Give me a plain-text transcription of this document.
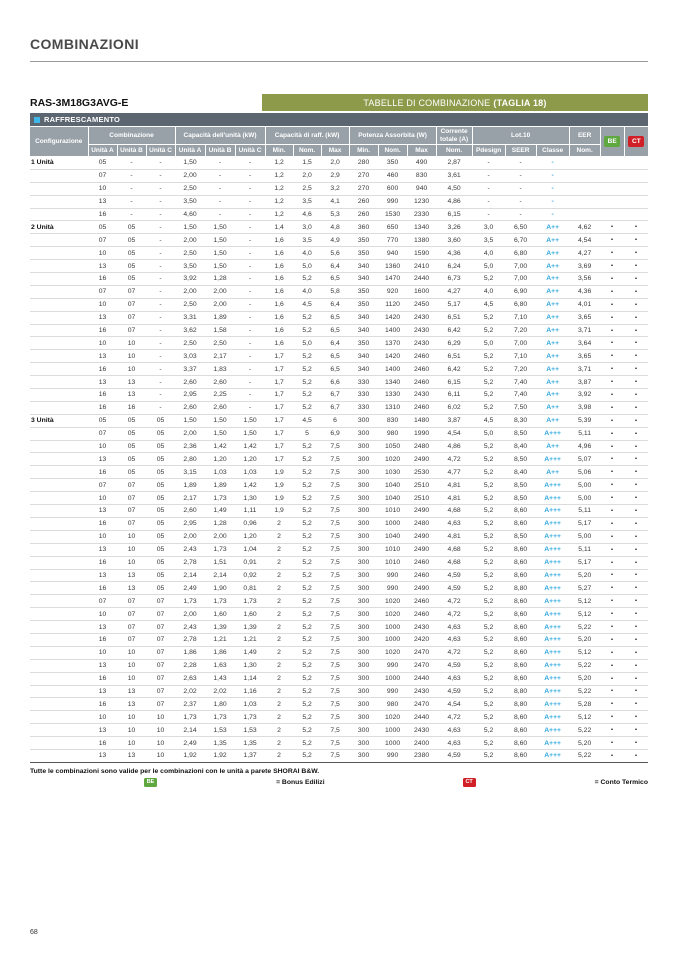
COMBINAZIONI
RAS-3M18G3AVG-E	TABELLE DI COMBINAZIONE (TAGLIA 18)
RAFFRESCAMENTO
Configurazione	Combinazione			Capacità dell'unità (kW)			Capacità di raff. (kW)			Potenza Assorbita (W)			Corrente totale (A)	Lot.10			EER	BE	CT
	Unità A	Unità B	Unità C	Unità A	Unità B	Unità C	Min.	Nom.	Max	Min.	Nom.	Max	Nom.	Pdesign	SEER	Classe	Nom.		
1 Unità	05	-	-	1,50	-	-	1,2	1,5	2,0	280	350	490	2,87	-	-	-			
	07	-	-	2,00	-	-	1,2	2,0	2,9	270	460	830	3,61	-	-	-			
	10	-	-	2,50	-	-	1,2	2,5	3,2	270	600	940	4,50	-	-	-			
	13	-	-	3,50	-	-	1,2	3,5	4,1	260	990	1230	4,86	-	-	-			
	16	-	-	4,60	-	-	1,2	4,6	5,3	260	1530	2330	6,15	-	-	-			
2 Unità	05	05	-	1,50	1,50	-	1,4	3,0	4,8	360	650	1340	3,26	3,0	6,50	A++	4,62	▪	▪
	07	05	-	2,00	1,50	-	1,6	3,5	4,9	350	770	1380	3,60	3,5	6,70	A++	4,54	▪	▪
	10	05	-	2,50	1,50	-	1,6	4,0	5,6	350	940	1590	4,36	4,0	6,80	A++	4,27	▪	▪
	13	05	-	3,50	1,50	-	1,6	5,0	6,4	340	1360	2410	6,24	5,0	7,00	A++	3,69	▪	▪
	16	05	-	3,92	1,28	-	1,6	5,2	6,5	340	1470	2440	6,73	5,2	7,00	A++	3,56	▪	▪
	07	07	-	2,00	2,00	-	1,6	4,0	5,8	350	920	1600	4,27	4,0	6,90	A++	4,36	▪	▪
	10	07	-	2,50	2,00	-	1,6	4,5	6,4	350	1120	2450	5,17	4,5	6,80	A++	4,01	▪	▪
	13	07	-	3,31	1,89	-	1,6	5,2	6,5	340	1420	2430	6,51	5,2	7,10	A++	3,65	▪	▪
	16	07	-	3,62	1,58	-	1,6	5,2	6,5	340	1400	2430	6,42	5,2	7,20	A++	3,71	▪	▪
	10	10	-	2,50	2,50	-	1,6	5,0	6,4	350	1370	2430	6,29	5,0	7,00	A++	3,64	▪	▪
	13	10	-	3,03	2,17	-	1,7	5,2	6,5	340	1420	2460	6,51	5,2	7,10	A++	3,65	▪	▪
	16	10	-	3,37	1,83	-	1,7	5,2	6,5	340	1400	2460	6,42	5,2	7,20	A++	3,71	▪	▪
	13	13	-	2,60	2,60	-	1,7	5,2	6,6	330	1340	2460	6,15	5,2	7,40	A++	3,87	▪	▪
	16	13	-	2,95	2,25	-	1,7	5,2	6,7	330	1330	2430	6,11	5,2	7,40	A++	3,92	▪	▪
	16	16	-	2,60	2,60	-	1,7	5,2	6,7	330	1310	2460	6,02	5,2	7,50	A++	3,98	▪	▪
3 Unità	05	05	05	1,50	1,50	1,50	1,7	4,5	6	300	830	1480	3,87	4,5	8,30	A++	5,39	▪	▪
	07	05	05	2,00	1,50	1,50	1,7	5	6,9	300	980	1990	4,54	5,0	8,50	A+++	5,11	▪	▪
	10	05	05	2,36	1,42	1,42	1,7	5,2	7,5	300	1050	2480	4,86	5,2	8,40	A++	4,96	▪	▪
	13	05	05	2,80	1,20	1,20	1,7	5,2	7,5	300	1020	2490	4,72	5,2	8,50	A+++	5,07	▪	▪
	16	05	05	3,15	1,03	1,03	1,9	5,2	7,5	300	1030	2530	4,77	5,2	8,40	A++	5,06	▪	▪
	07	07	05	1,89	1,89	1,42	1,9	5,2	7,5	300	1040	2510	4,81	5,2	8,50	A+++	5,00	▪	▪
	10	07	05	2,17	1,73	1,30	1,9	5,2	7,5	300	1040	2510	4,81	5,2	8,50	A+++	5,00	▪	▪
	13	07	05	2,60	1,49	1,11	1,9	5,2	7,5	300	1010	2490	4,68	5,2	8,60	A+++	5,11	▪	▪
	16	07	05	2,95	1,28	0,96	2	5,2	7,5	300	1000	2480	4,63	5,2	8,60	A+++	5,17	▪	▪
	10	10	05	2,00	2,00	1,20	2	5,2	7,5	300	1040	2490	4,81	5,2	8,50	A+++	5,00	▪	▪
	13	10	05	2,43	1,73	1,04	2	5,2	7,5	300	1010	2490	4,68	5,2	8,60	A+++	5,11	▪	▪
	16	10	05	2,78	1,51	0,91	2	5,2	7,5	300	1010	2460	4,68	5,2	8,60	A+++	5,17	▪	▪
	13	13	05	2,14	2,14	0,92	2	5,2	7,5	300	990	2460	4,59	5,2	8,60	A+++	5,20	▪	▪
	16	13	05	2,49	1,90	0,81	2	5,2	7,5	300	990	2490	4,59	5,2	8,80	A+++	5,27	▪	▪
	07	07	07	1,73	1,73	1,73	2	5,2	7,5	300	1020	2460	4,72	5,2	8,60	A+++	5,12	▪	▪
	10	07	07	2,00	1,60	1,60	2	5,2	7,5	300	1020	2460	4,72	5,2	8,60	A+++	5,12	▪	▪
	13	07	07	2,43	1,39	1,39	2	5,2	7,5	300	1000	2430	4,63	5,2	8,60	A+++	5,22	▪	▪
	16	07	07	2,78	1,21	1,21	2	5,2	7,5	300	1000	2420	4,63	5,2	8,60	A+++	5,20	▪	▪
	10	10	07	1,86	1,86	1,49	2	5,2	7,5	300	1020	2470	4,72	5,2	8,60	A+++	5,12	▪	▪
	13	10	07	2,28	1,63	1,30	2	5,2	7,5	300	990	2470	4,59	5,2	8,60	A+++	5,22	▪	▪
	16	10	07	2,63	1,43	1,14	2	5,2	7,5	300	1000	2440	4,63	5,2	8,60	A+++	5,20	▪	▪
	13	13	07	2,02	2,02	1,16	2	5,2	7,5	300	990	2430	4,59	5,2	8,80	A+++	5,22	▪	▪
	16	13	07	2,37	1,80	1,03	2	5,2	7,5	300	980	2470	4,54	5,2	8,80	A+++	5,28	▪	▪
	10	10	10	1,73	1,73	1,73	2	5,2	7,5	300	1020	2440	4,72	5,2	8,60	A+++	5,12	▪	▪
	13	10	10	2,14	1,53	1,53	2	5,2	7,5	300	1000	2430	4,63	5,2	8,60	A+++	5,22	▪	▪
	16	10	10	2,49	1,35	1,35	2	5,2	7,5	300	1000	2400	4,63	5,2	8,60	A+++	5,20	▪	▪
	13	13	10	1,92	1,92	1,37	2	5,2	7,5	300	990	2380	4,59	5,2	8,60	A+++	5,22	▪	▪
Tutte le combinazioni sono valide per le combinazioni con le unità a parete SHORAI B&W.
BE	= Bonus Edilizi	CT	= Conto Termico
68
